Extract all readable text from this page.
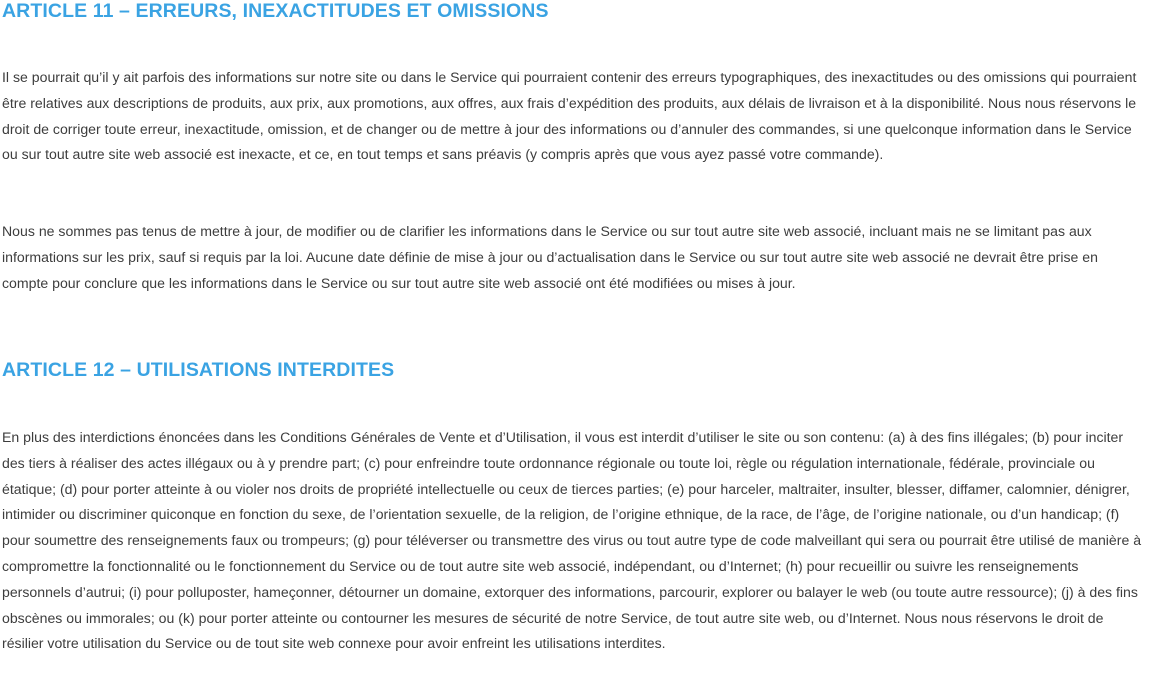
ARTICLE 11 – ERREURS, INEXACTITUDES ET OMISSIONS

Il se pourrait qu’il y ait parfois des informations sur notre site ou dans le Service qui pourraient contenir des erreurs typographiques, des inexactitudes ou des omissions qui pourraient être relatives aux descriptions de produits, aux prix, aux promotions, aux offres, aux frais d’expédition des produits, aux délais de livraison et à la disponibilité. Nous nous réservons le droit de corriger toute erreur, inexactitude, omission, et de changer ou de mettre à jour des informations ou d’annuler des commandes, si une quelconque information dans le Service ou sur tout autre site web associé est inexacte, et ce, en tout temps et sans préavis (y compris après que vous ayez passé votre commande).

Nous ne sommes pas tenus de mettre à jour, de modifier ou de clarifier les informations dans le Service ou sur tout autre site web associé, incluant mais ne se limitant pas aux informations sur les prix, sauf si requis par la loi. Aucune date définie de mise à jour ou d’actualisation dans le Service ou sur tout autre site web associé ne devrait être prise en compte pour conclure que les informations dans le Service ou sur tout autre site web associé ont été modifiées ou mises à jour.

ARTICLE 12 – UTILISATIONS INTERDITES

En plus des interdictions énoncées dans les Conditions Générales de Vente et d’Utilisation, il vous est interdit d’utiliser le site ou son contenu: (a) à des fins illégales; (b) pour inciter des tiers à réaliser des actes illégaux ou à y prendre part; (c) pour enfreindre toute ordonnance régionale ou toute loi, règle ou régulation internationale, fédérale, provinciale ou étatique; (d) pour porter atteinte à ou violer nos droits de propriété intellectuelle ou ceux de tierces parties; (e) pour harceler, maltraiter, insulter, blesser, diffamer, calomnier, dénigrer, intimider ou discriminer quiconque en fonction du sexe, de l’orientation sexuelle, de la religion, de l’origine ethnique, de la race, de l’âge, de l’origine nationale, ou d’un handicap; (f) pour soumettre des renseignements faux ou trompeurs; (g) pour téléverser ou transmettre des virus ou tout autre type de code malveillant qui sera ou pourrait être utilisé de manière à compromettre la fonctionnalité ou le fonctionnement du Service ou de tout autre site web associé, indépendant, ou d’Internet; (h) pour recueillir ou suivre les renseignements personnels d’autrui; (i) pour polluposter, hameçonner, détourner un domaine, extorquer des informations, parcourir, explorer ou balayer le web (ou toute autre ressource); (j) à des fins obscènes ou immorales; ou (k) pour porter atteinte ou contourner les mesures de sécurité de notre Service, de tout autre site web, ou d’Internet. Nous nous réservons le droit de résilier votre utilisation du Service ou de tout site web connexe pour avoir enfreint les utilisations interdites.
